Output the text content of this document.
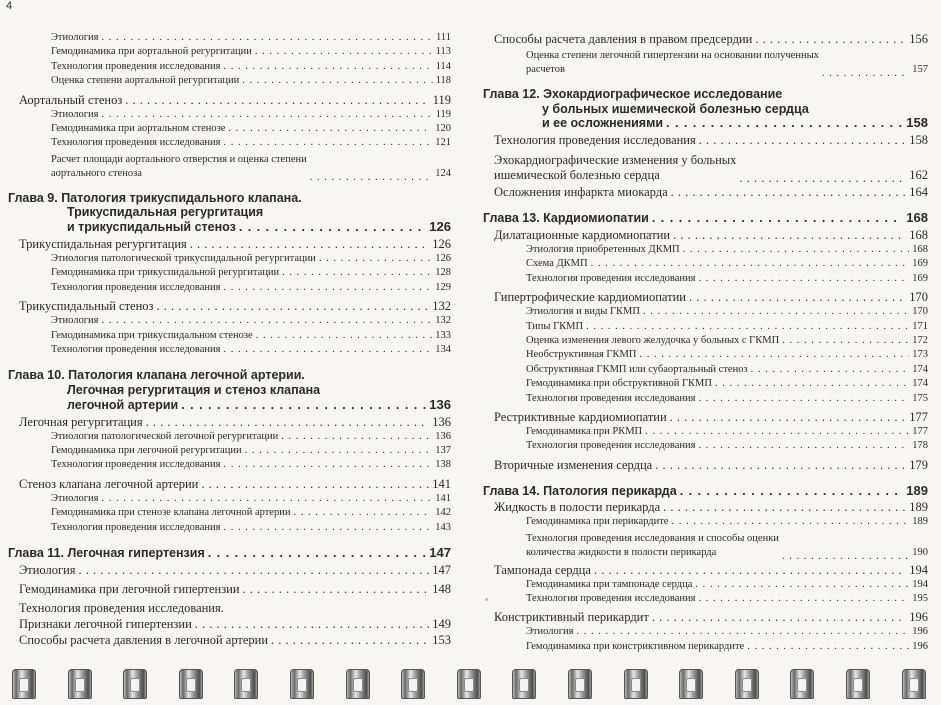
4
Этиология . . .	111
Гемодинамика при аортальной регургитации . . .	113
Технология проведения исследования . . .	114
Оценка степени аортальной регургитации . . .	118
Аортальный стеноз . . .	119
Этиология . . .	119
Гемодинамика при аортальном стенозе . . .	120
Технология проведения исследования . . .	121
Расчет площади аортального отверстия и оценка степени
аортального стеноза . . .	124
Глава 9. Патология трикуспидального клапана.
Трикуспидальная регургитация
и трикуспидальный стеноз . . .	126
Трикуспидальная регургитация . . .	126
Этиология патологической трикуспидальной регургитации . . .	126
Гемодинамика при трикуспидальной регургитации . . .	128
Технология проведения исследования . . .	129
Трикуспидальный стеноз . . .	132
Этиология . . .	132
Гемодинамика при трикуспидальном стенозе . . .	133
Технология проведения исследования . . .	134
Глава 10. Патология клапана легочной артерии.
Легочная регургитация и стеноз клапана
легочной артерии . . .	136
Легочная регургитация . . .	136
Этиология патологической легочной регургитации . . .	136
Гемодинамика при легочной регургитации . . .	137
Технология проведения исследования . . .	138
Стеноз клапана легочной артерии . . .	141
Этиология . . .	141
Гемодинамика при стенозе клапана легочной артерии . . .	142
Технология проведения исследования . . .	143
Глава 11. Легочная гипертензия . . .	147
Этиология . . .	147
Гемодинамика при легочной гипертензии . . .	148
Технология проведения исследования.
Признаки легочной гипертензии . . .	149
Способы расчета давления в легочной артерии . . .	153
Способы расчета давления в правом предсердии . . .	156
Оценка степени легочной гипертензии на основании полученных
расчетов . . .	157
Глава 12. Эхокардиографическое исследование
у больных ишемической болезнью сердца
и ее осложнениями . . .	158
Технология проведения исследования . . .	158
Эхокардиографические изменения у больных
ишемической болезнью сердца . . .	162
Осложнения инфаркта миокарда . . .	164
Глава 13. Кардиомиопатии . . .	168
Дилатационные кардиомиопатии . . .	168
Этиология приобретенных ДКМП . . .	168
Схема ДКМП . . .	169
Технология проведения исследования . . .	169
Гипертрофические кардиомиопатии . . .	170
Этиология и виды ГКМП . . .	170
Типы ГКМП . . .	171
Оценка изменения левого желудочка у больных с ГКМП . . .	172
Необструктивная ГКМП . . .	173
Обструктивная ГКМП или субаортальный стеноз . . .	174
Гемодинамика при обструктивной ГКМП . . .	174
Технология проведения исследования . . .	175
Рестриктивные кардиомиопатии . . .	177
Гемодинамика при РКМП . . .	177
Технология проведения исследования . . .	178
Вторичные изменения сердца . . .	179
Глава 14. Патология перикарда . . .	189
Жидкость в полости перикарда . . .	189
Гемодинамика при перикардите . . .	189
Технология проведения исследования и способы оценки
количества жидкости в полости перикарда . . .	190
Тампонада сердца . . .	194
Гемодинамика при тампонаде сердца . . .	194
Технология проведения исследования . . .	195
Констриктивный перикардит . . .	196
Этиология . . .	196
Гемодинамика при констриктивном перикардите . . .	196
